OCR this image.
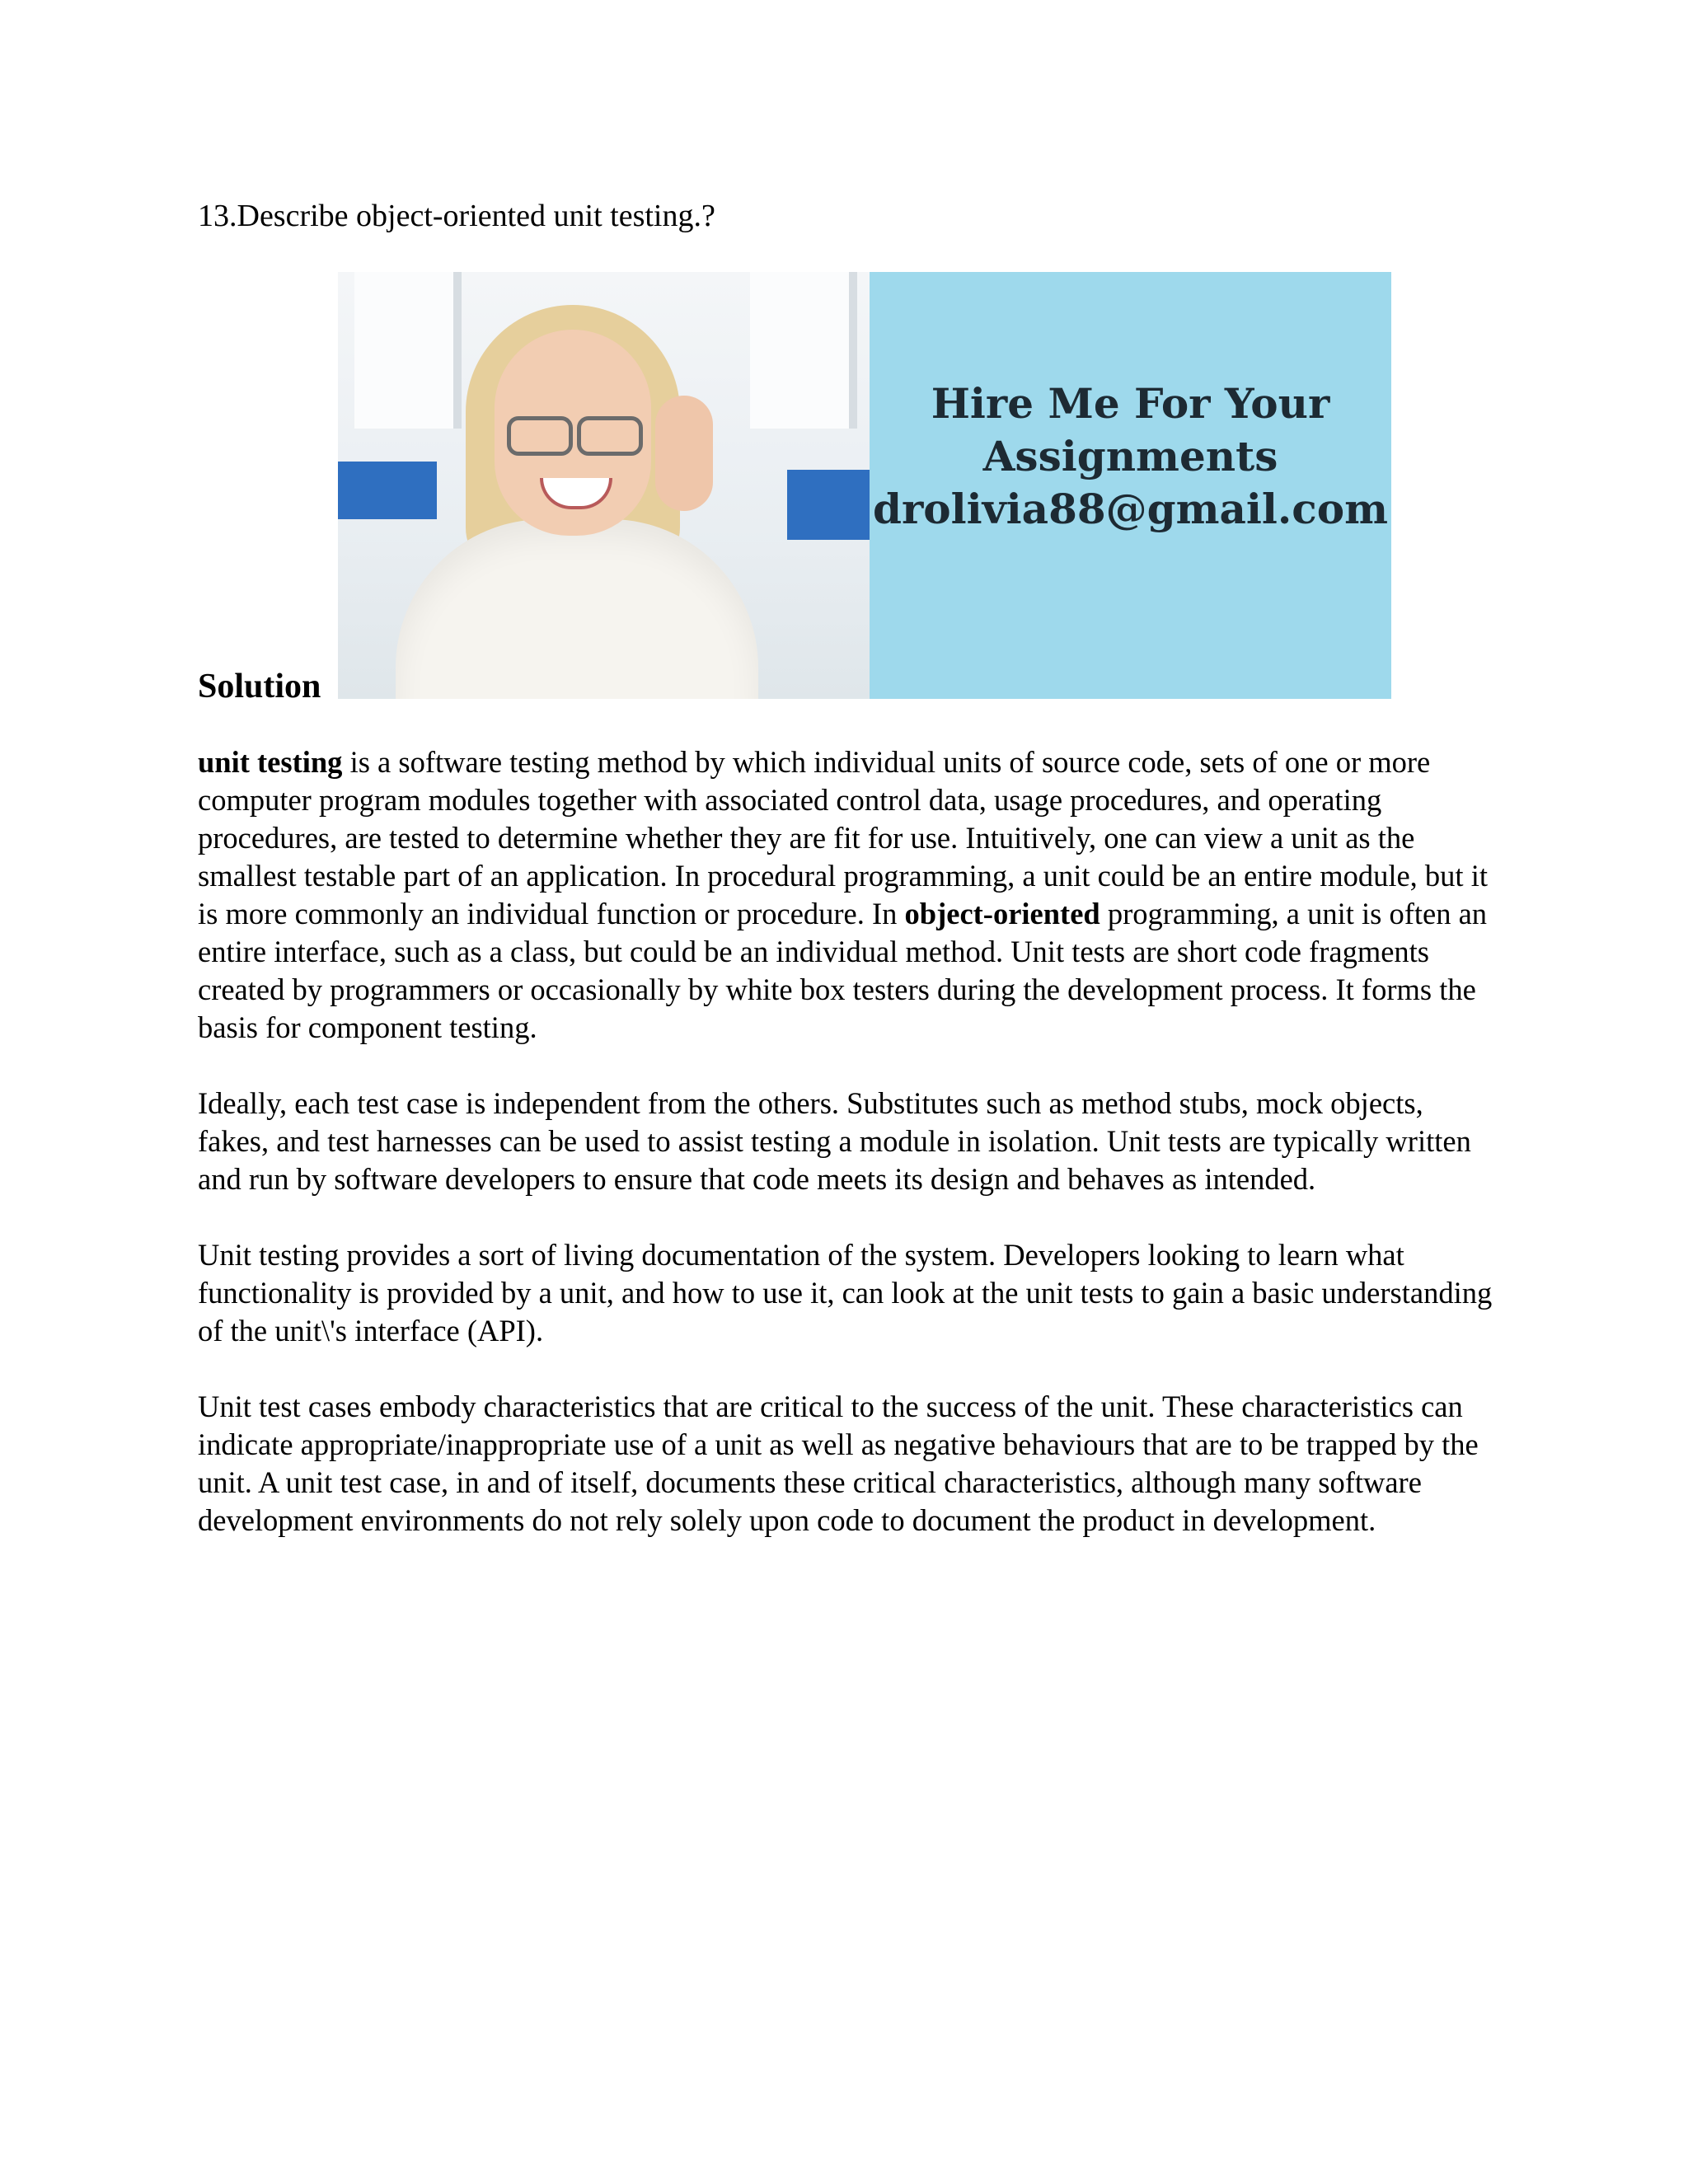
13.Describe object-oriented unit testing.?
Solution
Hire Me For Your
Assignments
drolivia88@gmail.com

unit testing is a software testing method by which individual units of source code, sets of one or more computer program modules together with associated control data, usage procedures, and operating procedures, are tested to determine whether they are fit for use. Intuitively, one can view a unit as the smallest testable part of an application. In procedural programming, a unit could be an entire module, but it is more commonly an individual function or procedure. In object-oriented programming, a unit is often an entire interface, such as a class, but could be an individual method. Unit tests are short code fragments created by programmers or occasionally by white box testers during the development process. It forms the basis for component testing.

Ideally, each test case is independent from the others. Substitutes such as method stubs, mock objects, fakes, and test harnesses can be used to assist testing a module in isolation. Unit tests are typically written and run by software developers to ensure that code meets its design and behaves as intended.

Unit testing provides a sort of living documentation of the system. Developers looking to learn what functionality is provided by a unit, and how to use it, can look at the unit tests to gain a basic understanding of the unit\'s interface (API).

Unit test cases embody characteristics that are critical to the success of the unit. These characteristics can indicate appropriate/inappropriate use of a unit as well as negative behaviours that are to be trapped by the unit. A unit test case, in and of itself, documents these critical characteristics, although many software development environments do not rely solely upon code to document the product in development.
